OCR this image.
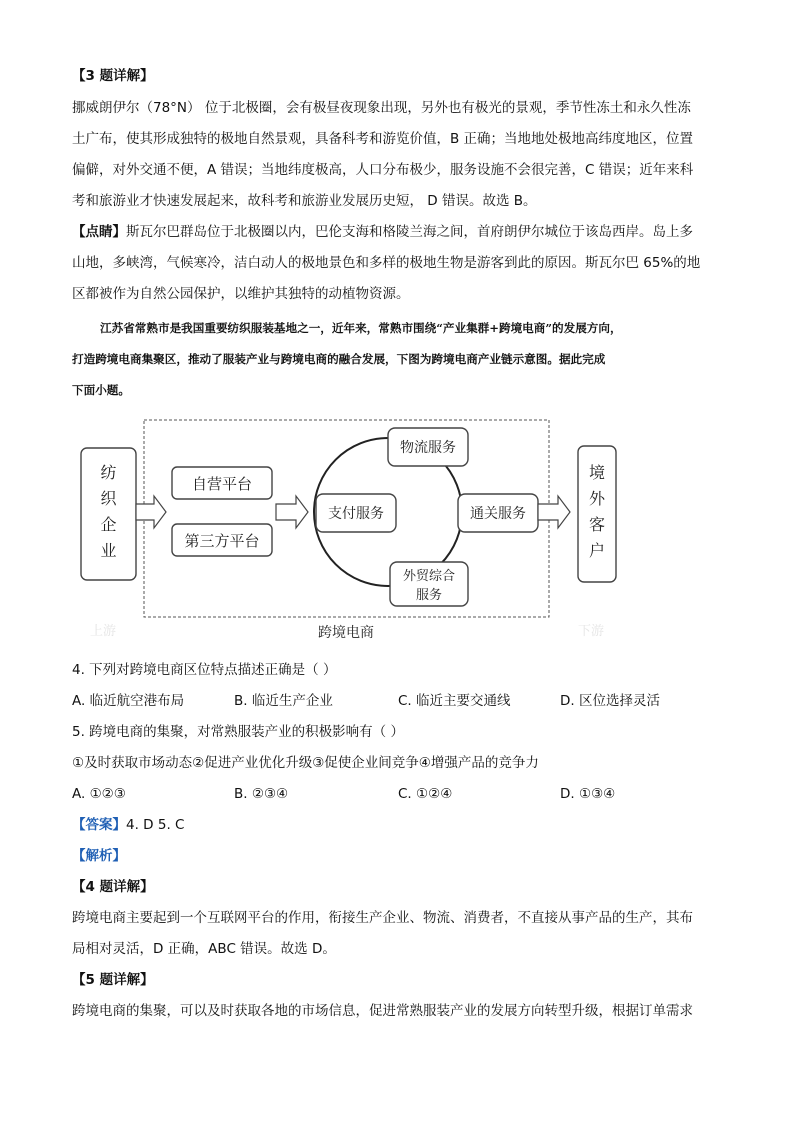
【3 题详解】
挪威朗伊尔（78°N） 位于北极圈，会有极昼夜现象出现，另外也有极光的景观，季节性冻土和永久性冻
土广布，使其形成独特的极地自然景观，具备科考和游览价值，B 正确；当地地处极地高纬度地区，位置
偏僻，对外交通不便，A 错误；当地纬度极高，人口分布极少，服务设施不会很完善，C 错误；近年来科
考和旅游业才快速发展起来，故科考和旅游业发展历史短， D 错误。故选 B。
【点睛】斯瓦尔巴群岛位于北极圈以内，巴伦支海和格陵兰海之间，首府朗伊尔城位于该岛西岸。岛上多
山地，多峡湾，气候寒冷，洁白动人的极地景色和多样的极地生物是游客到此的原因。斯瓦尔巴 65%的地
区都被作为自然公园保护，以维护其独特的动植物资源。
江苏省常熟市是我国重要纺织服装基地之一，近年来，常熟市围绕“产业集群+跨境电商”的发展方向，
打造跨境电商集聚区，推动了服装产业与跨境电商的融合发展，下图为跨境电商产业链示意图。据此完成
下面小题。
纺
织
企
业
自营平台
第三方平台
支付服务
物流服务
通关服务
外贸综合
服务
境
外
客
户
上游	下游
跨境电商
4. 下列对跨境电商区位特点描述正确是（ ）
A. 临近航空港布局	B. 临近生产企业	C. 临近主要交通线	D. 区位选择灵活
5. 跨境电商的集聚，对常熟服装产业的积极影响有（ ）
①及时获取市场动态②促进产业优化升级③促使企业间竞争④增强产品的竞争力
A. ①②③	B. ②③④	C. ①②④	D. ①③④
【答案】4. D 5. C
【解析】
【4 题详解】
跨境电商主要起到一个互联网平台的作用，衔接生产企业、物流、消费者，不直接从事产品的生产，其布
局相对灵活，D 正确，ABC 错误。故选 D。
【5 题详解】
跨境电商的集聚，可以及时获取各地的市场信息，促进常熟服装产业的发展方向转型升级，根据订单需求
